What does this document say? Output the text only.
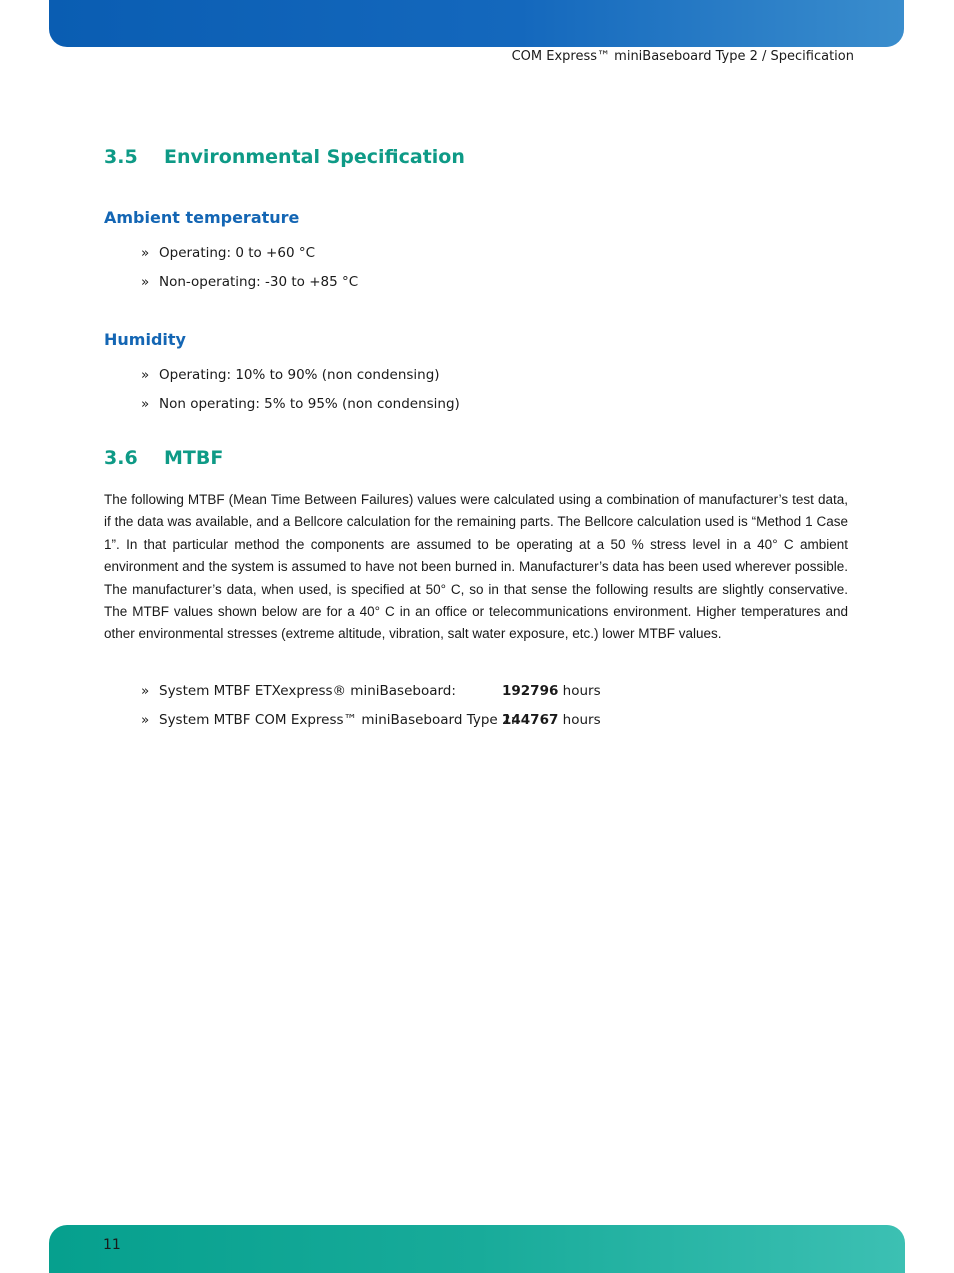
COM Express™ miniBaseboard Type 2 / Specification
3.5 Environmental Specification
Ambient temperature
» Operating: 0 to +60 °C
» Non-operating: -30 to +85 °C
Humidity
» Operating: 10% to 90% (non condensing)
» Non operating: 5% to 95% (non condensing)
3.6 MTBF
The following MTBF (Mean Time Between Failures) values were calculated using a combination of manufacturer’s test data, if the data was available, and a Bellcore calculation for the remaining parts. The Bellcore calculation used is “Method 1 Case 1”. In that particular method the components are assumed to be operating at a 50 % stress level in a 40° C ambient environment and the system is assumed to have not been burned in. Manufacturer’s data has been used wherever possible. The manufacturer’s data, when used, is specified at 50° C, so in that sense the following results are slightly conservative. The MTBF values shown below are for a 40° C in an office or telecommunications environment. Higher temperatures and other environmental stresses (extreme altitude, vibration, salt water exposure, etc.) lower MTBF values.
» System MTBF ETXexpress® miniBaseboard:	192796 hours
» System MTBF COM Express™ miniBaseboard Type 2:
144767 hours
11
